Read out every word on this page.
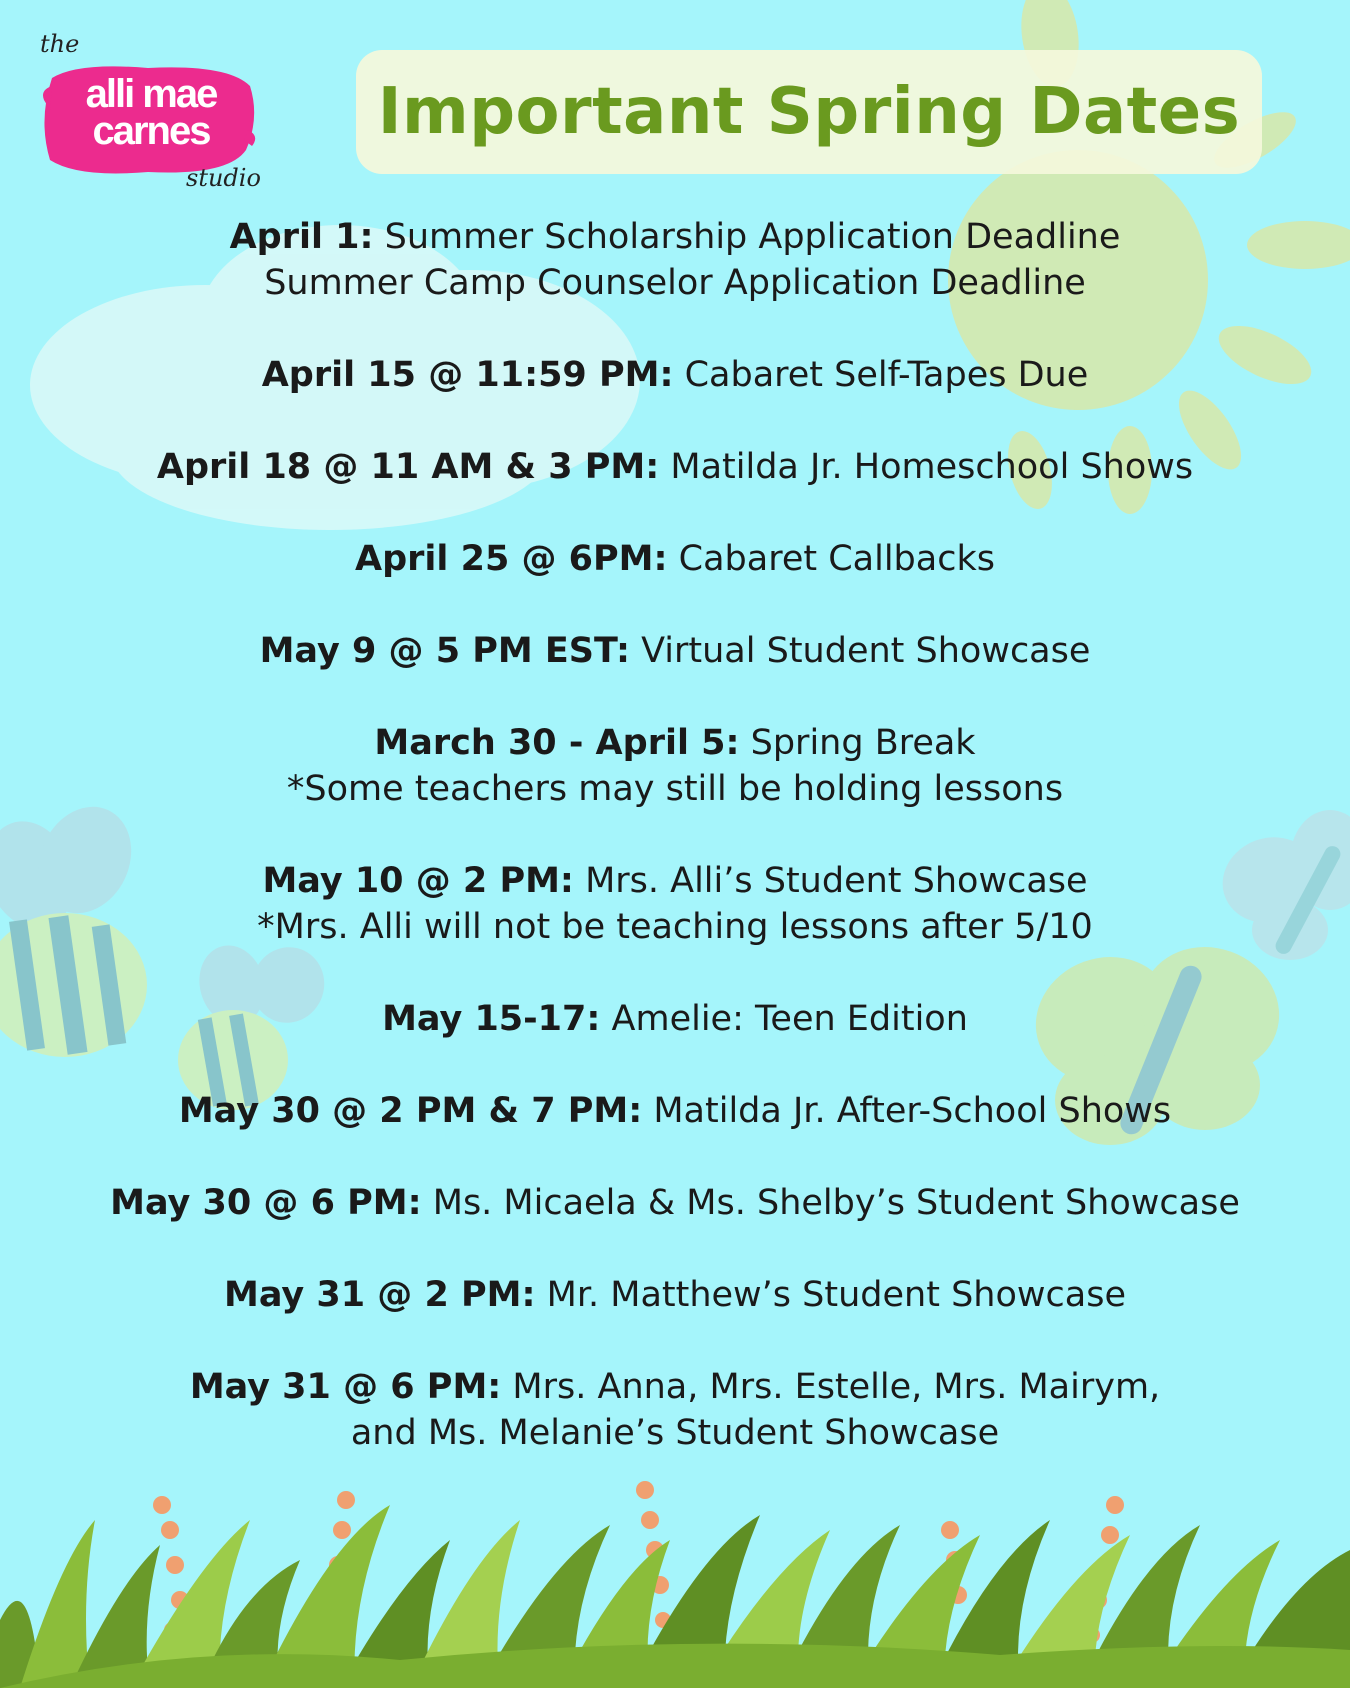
the
alli mae carnes
studio
Important Spring Dates
April 1: Summer Scholarship Application Deadline
Summer Camp Counselor Application Deadline
April 15 @ 11:59 PM: Cabaret Self-Tapes Due
April 18 @ 11 AM & 3 PM: Matilda Jr. Homeschool Shows
April 25 @ 6PM: Cabaret Callbacks
May 9 @ 5 PM EST: Virtual Student Showcase
March 30 - April 5: Spring Break
*Some teachers may still be holding lessons
May 10 @ 2 PM: Mrs. Alli’s Student Showcase
*Mrs. Alli will not be teaching lessons after 5/10
May 15-17: Amelie: Teen Edition
May 30 @ 2 PM & 7 PM: Matilda Jr. After-School Shows
May 30 @ 6 PM: Ms. Micaela & Ms. Shelby’s Student Showcase
May 31 @ 2 PM: Mr. Matthew’s Student Showcase
May 31 @ 6 PM: Mrs. Anna, Mrs. Estelle, Mrs. Mairym,
and Ms. Melanie’s Student Showcase
